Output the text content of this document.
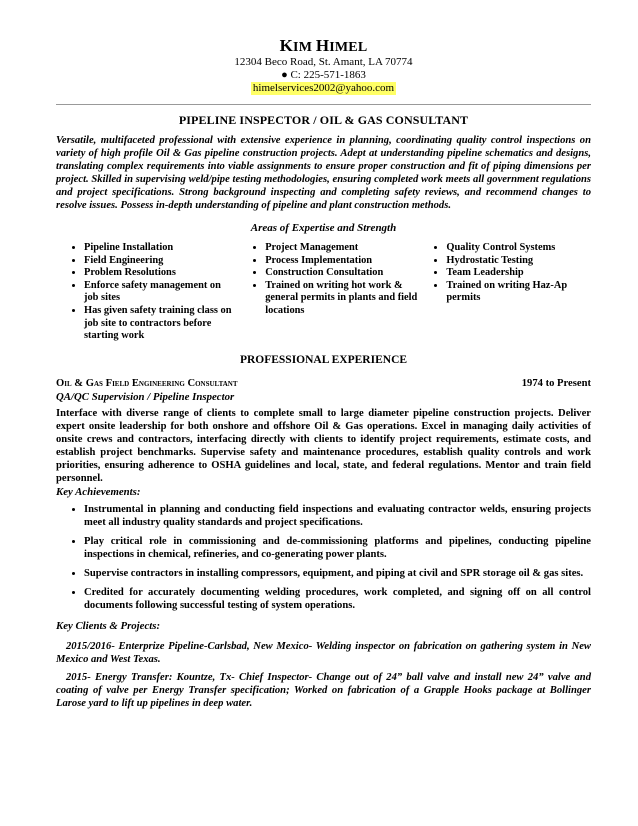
KIM HIMEL
12304 Beco Road, St. Amant, LA 70774
● C: 225-571-1863
himelservices2002@yahoo.com
PIPELINE INSPECTOR / OIL & GAS CONSULTANT
Versatile, multifaceted professional with extensive experience in planning, coordinating quality control inspections on variety of high profile Oil & Gas pipeline construction projects. Adept at understanding pipeline schematics and designs, translating complex requirements into viable assignments to ensure proper construction and fit of piping dimensions per project. Skilled in supervising weld/pipe testing methodologies, ensuring completed work meets all government regulations and project specifications. Strong background inspecting and completing safety reviews, and recommend changes to resolve issues. Possess in-depth understanding of pipeline and plant construction methods.
Areas of Expertise and Strength
• Pipeline Installation
• Field Engineering
• Problem Resolutions
• Enforce safety management on job sites
• Has given safety training class on job site to contractors before starting work
• Project Management
• Process Implementation
• Construction Consultation
• Trained on writing hot work & general permits in plants and field locations
• Quality Control Systems
• Hydrostatic Testing
• Team Leadership
• Trained on writing Haz-Ap permits
PROFESSIONAL EXPERIENCE
Oil & Gas Field Engineering Consultant	1974 to Present
QA/QC Supervision / Pipeline Inspector
Interface with diverse range of clients to complete small to large diameter pipeline construction projects. Deliver expert onsite leadership for both onshore and offshore Oil & Gas operations. Excel in managing daily activities of onsite crews and contractors, interfacing directly with clients to identify project requirements, estimate costs, and establish project benchmarks. Supervise safety and maintenance procedures, establish quality controls and work priorities, ensuring adherence to OSHA guidelines and local, state, and federal regulations. Mentor and train field personnel.
Key Achievements:
• Instrumental in planning and conducting field inspections and evaluating contractor welds, ensuring projects meet all industry quality standards and project specifications.
• Play critical role in commissioning and de-commissioning platforms and pipelines, conducting pipeline inspections in chemical, refineries, and co-generating power plants.
• Supervise contractors in installing compressors, equipment, and piping at civil and SPR storage oil & gas sites.
• Credited for accurately documenting welding procedures, work completed, and signing off on all control documents following successful testing of system operations.
Key Clients & Projects:
2015/2016- Enterprize Pipeline-Carlsbad, New Mexico- Welding inspector on fabrication on gathering system in New Mexico and West Texas.
2015- Energy Transfer: Kountze, Tx- Chief Inspector- Change out of 24” ball valve and install new 24” valve and coating of valve per Energy Transfer specification; Worked on fabrication of a Grapple Hooks package at Bollinger Larose yard to lift up pipelines in deep water.
